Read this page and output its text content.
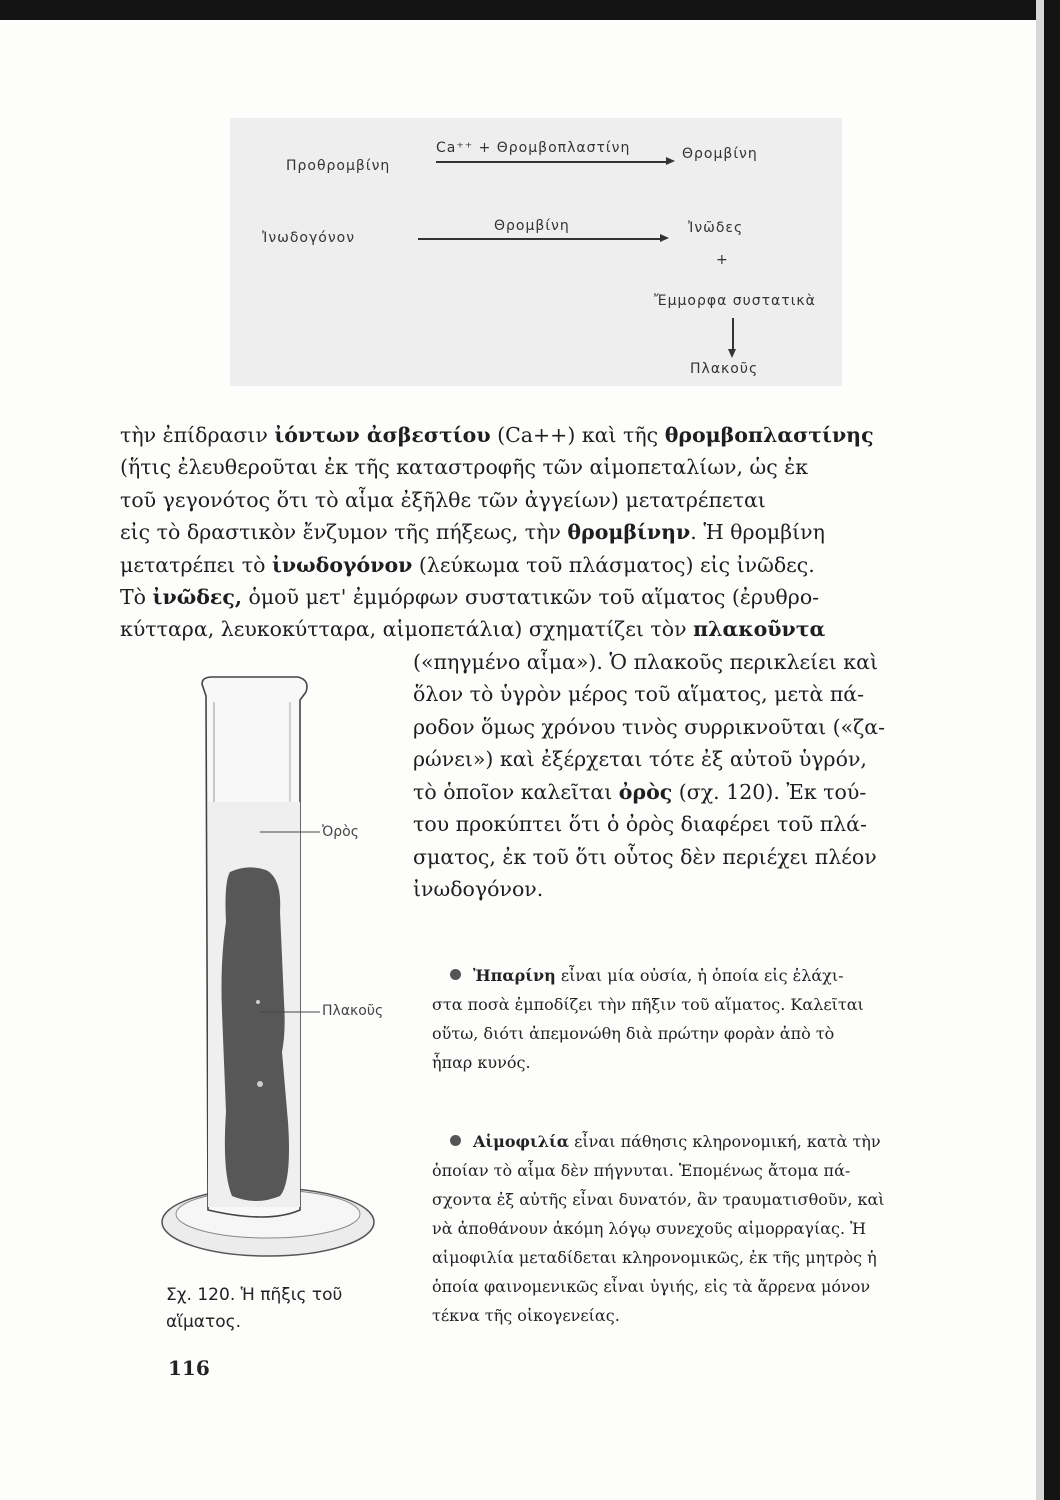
Προθρομβίνη
Ca⁺⁺ + Θρομβοπλαστίνη	Θρομβίνη
Ἰνωδογόνον
Θρομβίνη	Ἰνῶδες
+
Ἔμμορφα συστατικὰ
Πλακοῦς
τὴν ἐπίδρασιν ἰόντων ἀσβεστίου (Ca++) καὶ τῆς θρομβοπλαστίνης
(ἥτις ἐλευθεροῦται ἐκ τῆς καταστροφῆς τῶν αἱμοπεταλίων, ὡς ἐκ
τοῦ γεγονότος ὅτι τὸ αἷμα ἐξῆλθε τῶν ἀγγείων) μετατρέπεται
εἰς τὸ δραστικὸν ἔνζυμον τῆς πήξεως, τὴν θρομβίνην. Ἡ θρομβίνη
μετατρέπει τὸ ἰνωδογόνον (λεύκωμα τοῦ πλάσματος) εἰς ἰνῶδες.
Τὸ ἰνῶδες, ὁμοῦ μετ' ἐμμόρφων συστατικῶν τοῦ αἵματος (ἐρυθρο-
κύτταρα, λευκοκύτταρα, αἱμοπετάλια) σχηματίζει τὸν πλακοῦντα
(«πηγμένο αἷμα»). Ὁ πλακοῦς περικλείει καὶ
ὅλον τὸ ὑγρὸν μέρος τοῦ αἵματος, μετὰ πά-
ροδον ὅμως χρόνου τινὸς συρρικνοῦται («ζα-
ρώνει») καὶ ἐξέρχεται τότε ἐξ αὐτοῦ ὑγρόν,
τὸ ὁποῖον καλεῖται ὀρὸς (σχ. 120). Ἐκ τού-
του προκύπτει ὅτι ὁ ὀρὸς διαφέρει τοῦ πλά-
σματος, ἐκ τοῦ ὅτι οὗτος δὲν περιέχει πλέον
ἰνωδογόνον.
Ἠπαρίνη εἶναι μία οὐσία, ἡ ὁποία εἰς ἐλάχι-
στα ποσὰ ἐμποδίζει τὴν πῆξιν τοῦ αἵματος. Καλεῖται
οὕτω, διότι ἀπεμονώθη διὰ πρώτην φορὰν ἀπὸ τὸ
ἧπαρ κυνός.
Αἱμοφιλία εἶναι πάθησις κληρονομική, κατὰ τὴν
ὁποίαν τὸ αἷμα δὲν πήγνυται. Ἑπομένως ἄτομα πά-
σχοντα ἐξ αὐτῆς εἶναι δυνατόν, ἂν τραυματισθοῦν, καὶ
νὰ ἀποθάνουν ἀκόμη λόγῳ συνεχοῦς αἱμορραγίας. Ἡ
αἱμοφιλία μεταδίδεται κληρονομικῶς, ἐκ τῆς μητρὸς ἡ
ὁποία φαινομενικῶς εἶναι ὑγιής, εἰς τὰ ἄρρενα μόνον
τέκνα τῆς οἰκογενείας.
Ὀρὸς
Πλακοῦς
Σχ. 120. Ἡ πῆξις τοῦ
αἵματος.
116
